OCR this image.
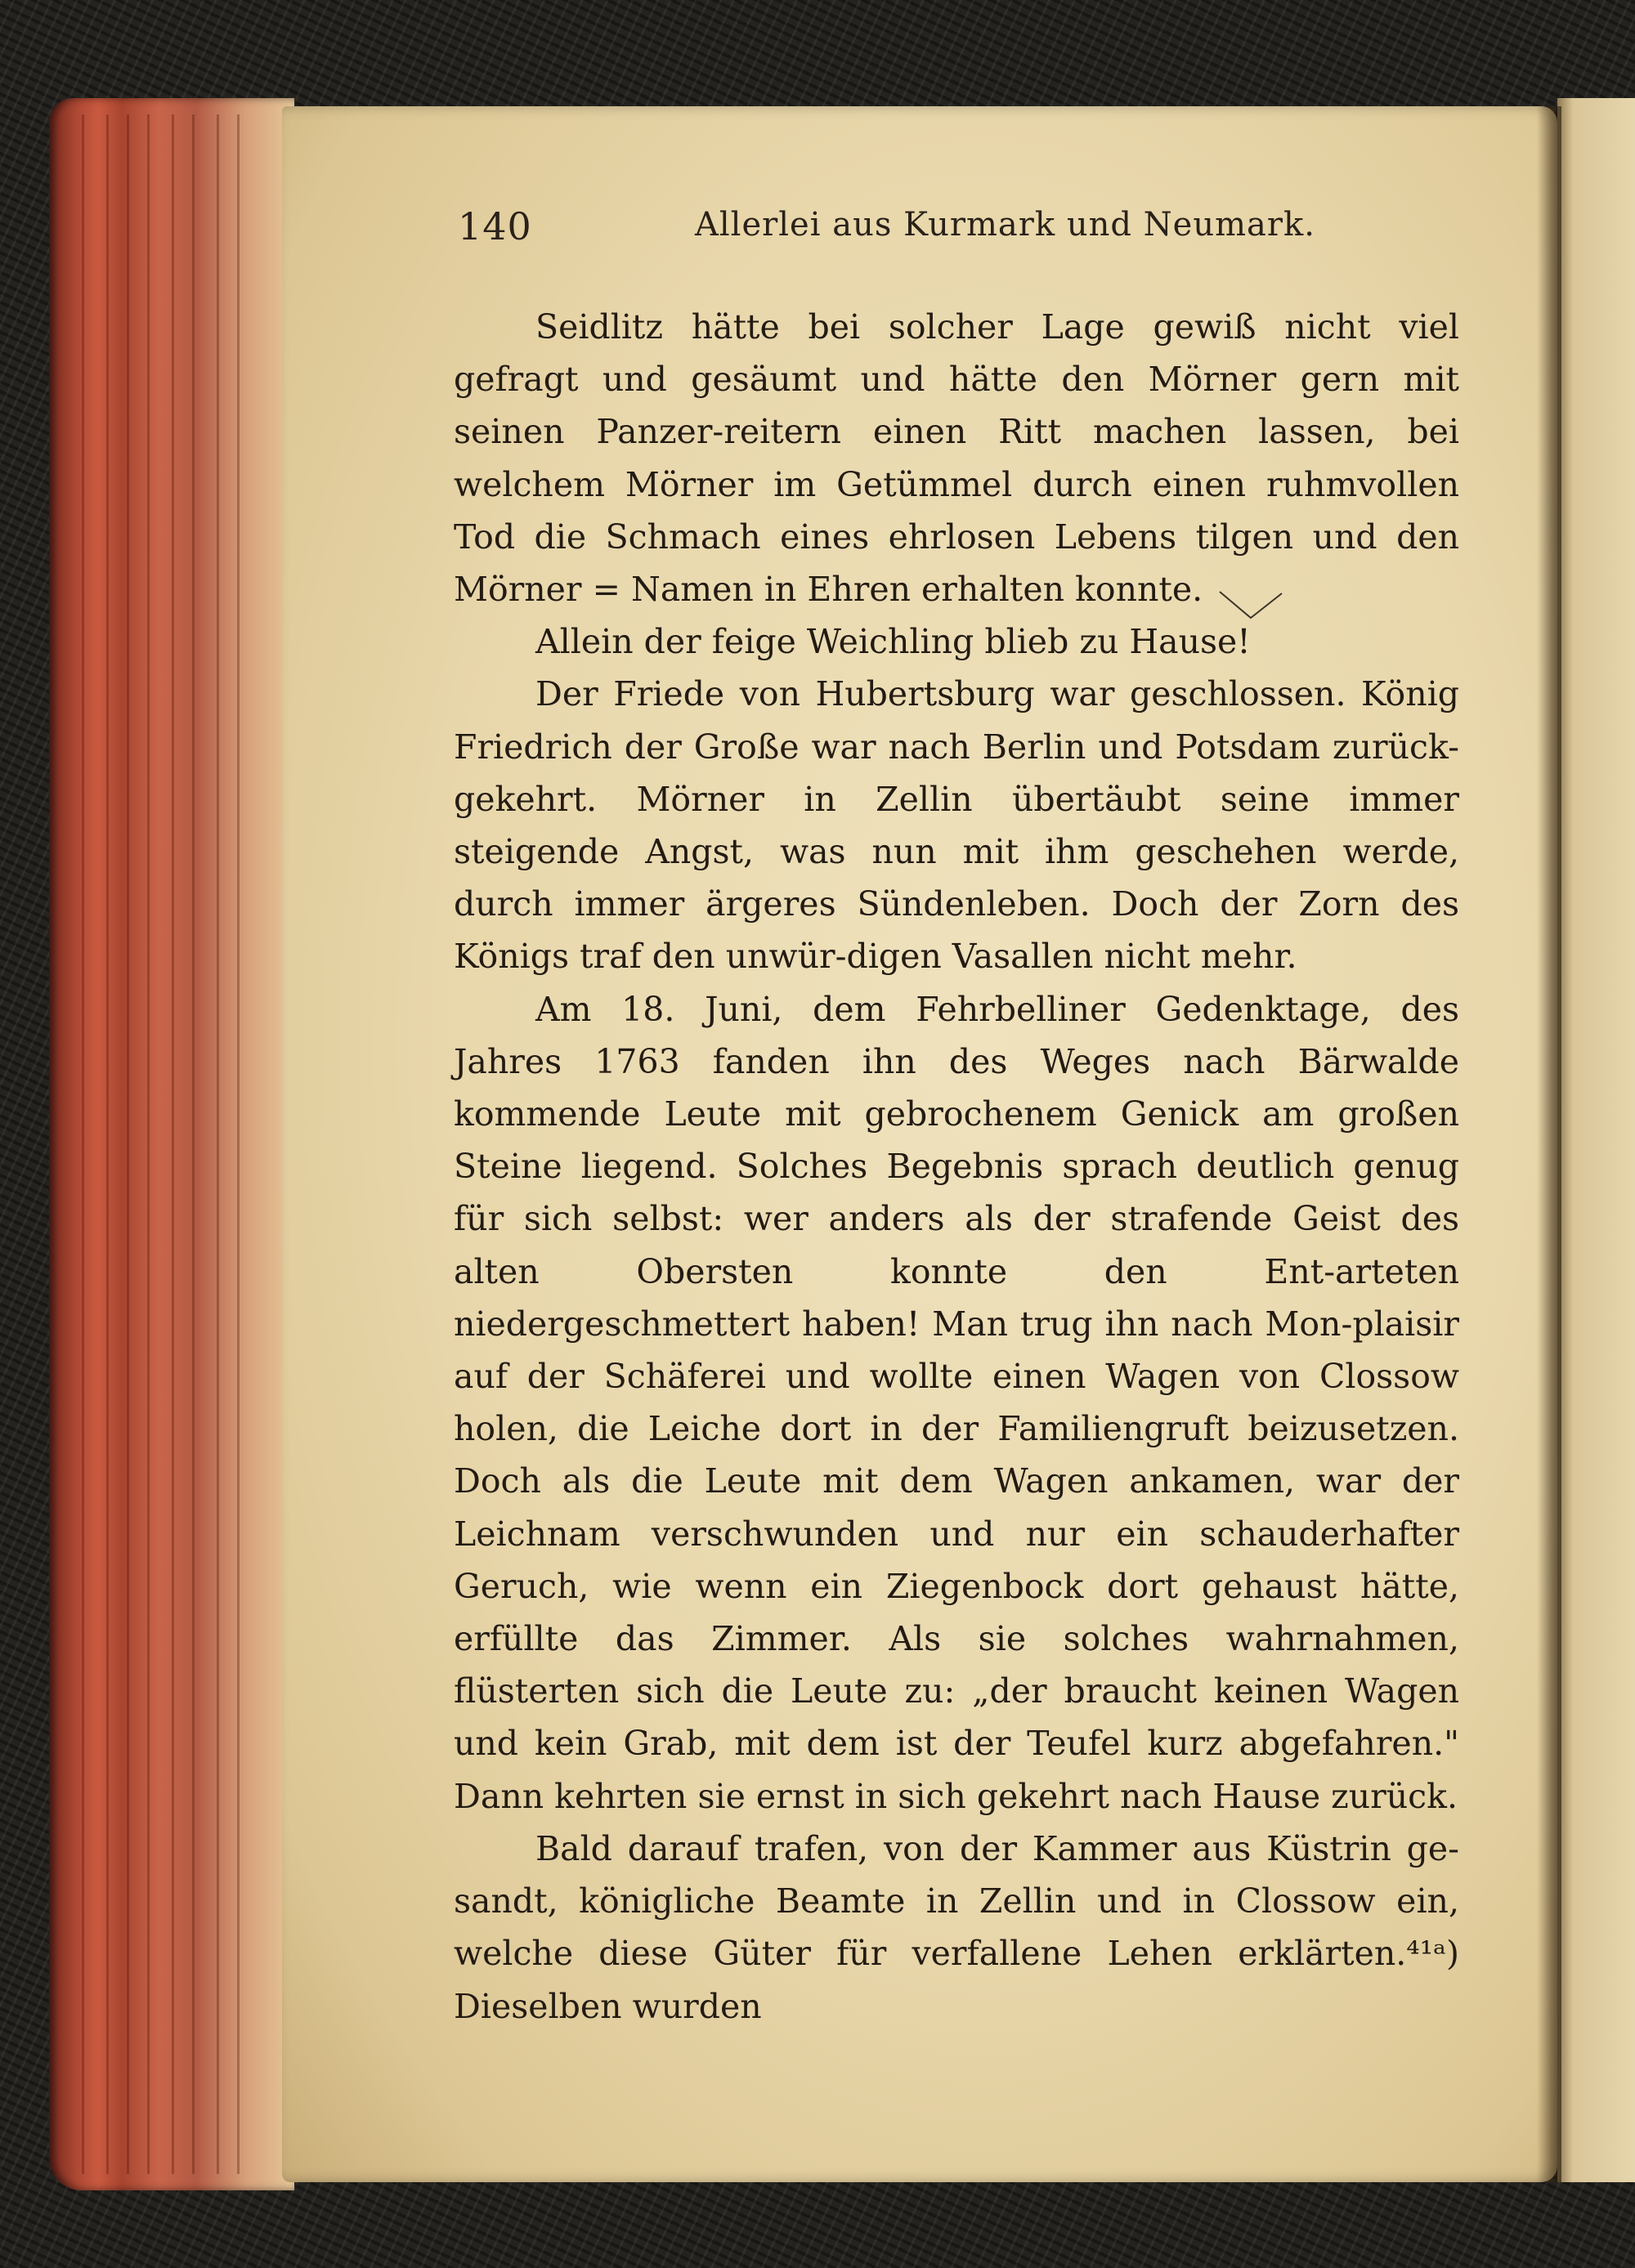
140	Allerlei aus Kurmark und Neumark.

Seidlitz hätte bei solcher Lage gewiß nicht viel gefragt und gesäumt und hätte den Mörner gern mit seinen Panzer-reitern einen Ritt machen lassen, bei welchem Mörner im Getümmel durch einen ruhmvollen Tod die Schmach eines ehrlosen Lebens tilgen und den Mörner = Namen in Ehren erhalten konnte.

Allein der feige Weichling blieb zu Hause!

Der Friede von Hubertsburg war geschlossen. König Friedrich der Große war nach Berlin und Potsdam zurück-gekehrt. Mörner in Zellin übertäubt seine immer steigende Angst, was nun mit ihm geschehen werde, durch immer ärgeres Sündenleben. Doch der Zorn des Königs traf den unwür-digen Vasallen nicht mehr.

Am 18. Juni, dem Fehrbelliner Gedenktage, des Jahres 1763 fanden ihn des Weges nach Bärwalde kommende Leute mit gebrochenem Genick am großen Steine liegend. Solches Begebnis sprach deutlich genug für sich selbst: wer anders als der strafende Geist des alten Obersten konnte den Ent-arteten niedergeschmettert haben! Man trug ihn nach Mon-plaisir auf der Schäferei und wollte einen Wagen von Clossow holen, die Leiche dort in der Familiengruft beizusetzen. Doch als die Leute mit dem Wagen ankamen, war der Leichnam verschwunden und nur ein schauderhafter Geruch, wie wenn ein Ziegenbock dort gehaust hätte, erfüllte das Zimmer. Als sie solches wahrnahmen, flüsterten sich die Leute zu: „der braucht keinen Wagen und kein Grab, mit dem ist der Teufel kurz abgefahren." Dann kehrten sie ernst in sich gekehrt nach Hause zurück.

Bald darauf trafen, von der Kammer aus Küstrin ge-sandt, königliche Beamte in Zellin und in Clossow ein, welche diese Güter für verfallene Lehen erklärten.⁴¹ᵃ) Dieselben wurden
